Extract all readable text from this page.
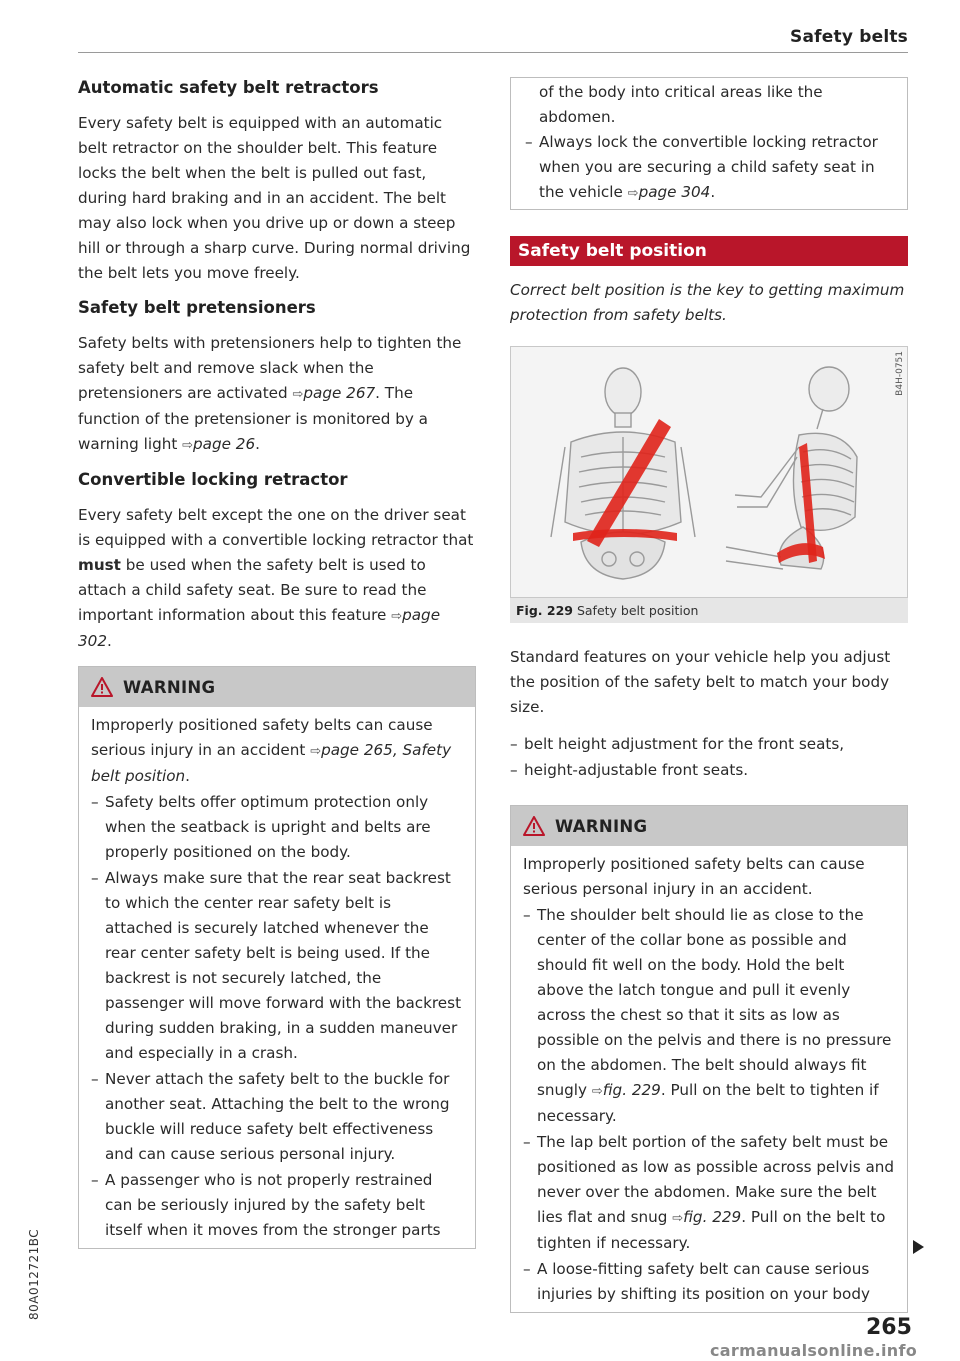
Safety belts
80A012721BC
Automatic safety belt retractors

Every safety belt is equipped with an automatic belt retractor on the shoulder belt. This feature locks the belt when the belt is pulled out fast, during hard braking and in an accident. The belt may also lock when you drive up or down a steep hill or through a sharp curve. During normal driving the belt lets you move freely.

Safety belt pretensioners

Safety belts with pretensioners help to tighten the safety belt and remove slack when the pretensioners are activated ⇨page 267. The function of the pretensioner is monitored by a warning light ⇨page 26.

Convertible locking retractor

Every safety belt except the one on the driver seat is equipped with a convertible locking retractor that must be used when the safety belt is used to attach a child safety seat. Be sure to read the important information about this feature ⇨page 302.

WARNING

Improperly positioned safety belts can cause serious injury in an accident ⇨page 265, Safety belt position.

– Safety belts offer optimum protection only when the seatback is upright and belts are properly positioned on the body.
– Always make sure that the rear seat backrest to which the center rear safety belt is attached is securely latched whenever the rear center safety belt is being used. If the backrest is not securely latched, the passenger will move forward with the backrest during sudden braking, in a sudden maneuver and especially in a crash.
– Never attach the safety belt to the buckle for another seat. Attaching the belt to the wrong buckle will reduce safety belt effectiveness and can cause serious personal injury.
– A passenger who is not properly restrained can be seriously injured by the safety belt itself when it moves from the stronger parts

of the body into critical areas like the abdomen.

– Always lock the convertible locking retractor when you are securing a child safety seat in the vehicle ⇨page 304.
Safety belt position

Correct belt position is the key to getting maximum protection from safety belts.

B4H-0751
Fig. 229 Safety belt position

Standard features on your vehicle help you adjust the position of the safety belt to match your body size.

– belt height adjustment for the front seats,
– height-adjustable front seats.
WARNING

Improperly positioned safety belts can cause serious personal injury in an accident.

– The shoulder belt should lie as close to the center of the collar bone as possible and should fit well on the body. Hold the belt above the latch tongue and pull it evenly across the chest so that it sits as low as possible on the pelvis and there is no pressure on the abdomen. The belt should always fit snugly ⇨fig. 229. Pull on the belt to tighten if necessary.
– The lap belt portion of the safety belt must be positioned as low as possible across pelvis and never over the abdomen. Make sure the belt lies flat and snug ⇨fig. 229. Pull on the belt to tighten if necessary.
– A loose-fitting safety belt can cause serious injuries by shifting its position on your body
265
carmanualsonline.info
